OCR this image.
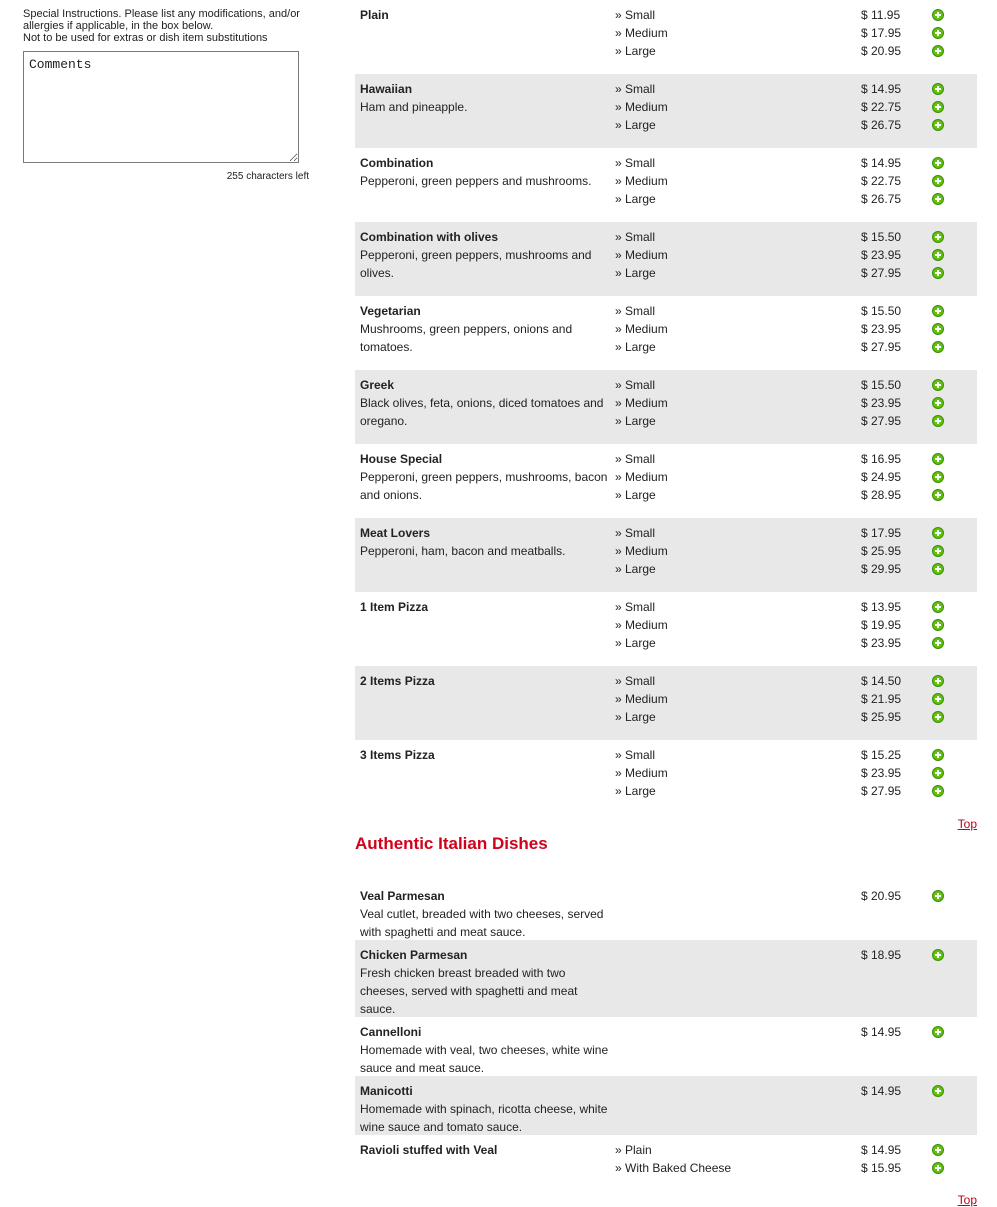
Special Instructions. Please list any modifications, and/or allergies if applicable, in the box below.

Not to be used for extras or dish item substitutions

Comments
255 characters left
Plain	» Small	$ 11.95
» Medium	$ 17.95
» Large	$ 20.95
Hawaiian
Ham and pineapple.
» Small	$ 14.95
» Medium	$ 22.75
» Large	$ 26.75
Combination
Pepperoni, green peppers and mushrooms.
» Small	$ 14.95
» Medium	$ 22.75
» Large	$ 26.75
Combination with olives
Pepperoni, green peppers, mushrooms and olives.
» Small	$ 15.50
» Medium	$ 23.95
» Large	$ 27.95
Vegetarian
Mushrooms, green peppers, onions and tomatoes.
» Small	$ 15.50
» Medium	$ 23.95
» Large	$ 27.95
Greek
Black olives, feta, onions, diced tomatoes and oregano.
» Small	$ 15.50
» Medium	$ 23.95
» Large	$ 27.95
House Special
Pepperoni, green peppers, mushrooms, bacon and onions.
» Small	$ 16.95
» Medium	$ 24.95
» Large	$ 28.95
Meat Lovers
Pepperoni, ham, bacon and meatballs.
» Small	$ 17.95
» Medium	$ 25.95
» Large	$ 29.95
1 Item Pizza	» Small	$ 13.95
» Medium	$ 19.95
» Large	$ 23.95
2 Items Pizza	» Small	$ 14.50
» Medium	$ 21.95
» Large	$ 25.95
3 Items Pizza	» Small	$ 15.25
» Medium	$ 23.95
» Large	$ 27.95
Top
Authentic Italian Dishes
Veal Parmesan
Veal cutlet, breaded with two cheeses, served with spaghetti and meat sauce.
$ 20.95
Chicken Parmesan
Fresh chicken breast breaded with two cheeses, served with spaghetti and meat sauce.
$ 18.95
Cannelloni
Homemade with veal, two cheeses, white wine sauce and meat sauce.
$ 14.95
Manicotti
Homemade with spinach, ricotta cheese, white wine sauce and tomato sauce.
$ 14.95
Ravioli stuffed with Veal	» Plain	$ 14.95
» With Baked Cheese	$ 15.95
Top
